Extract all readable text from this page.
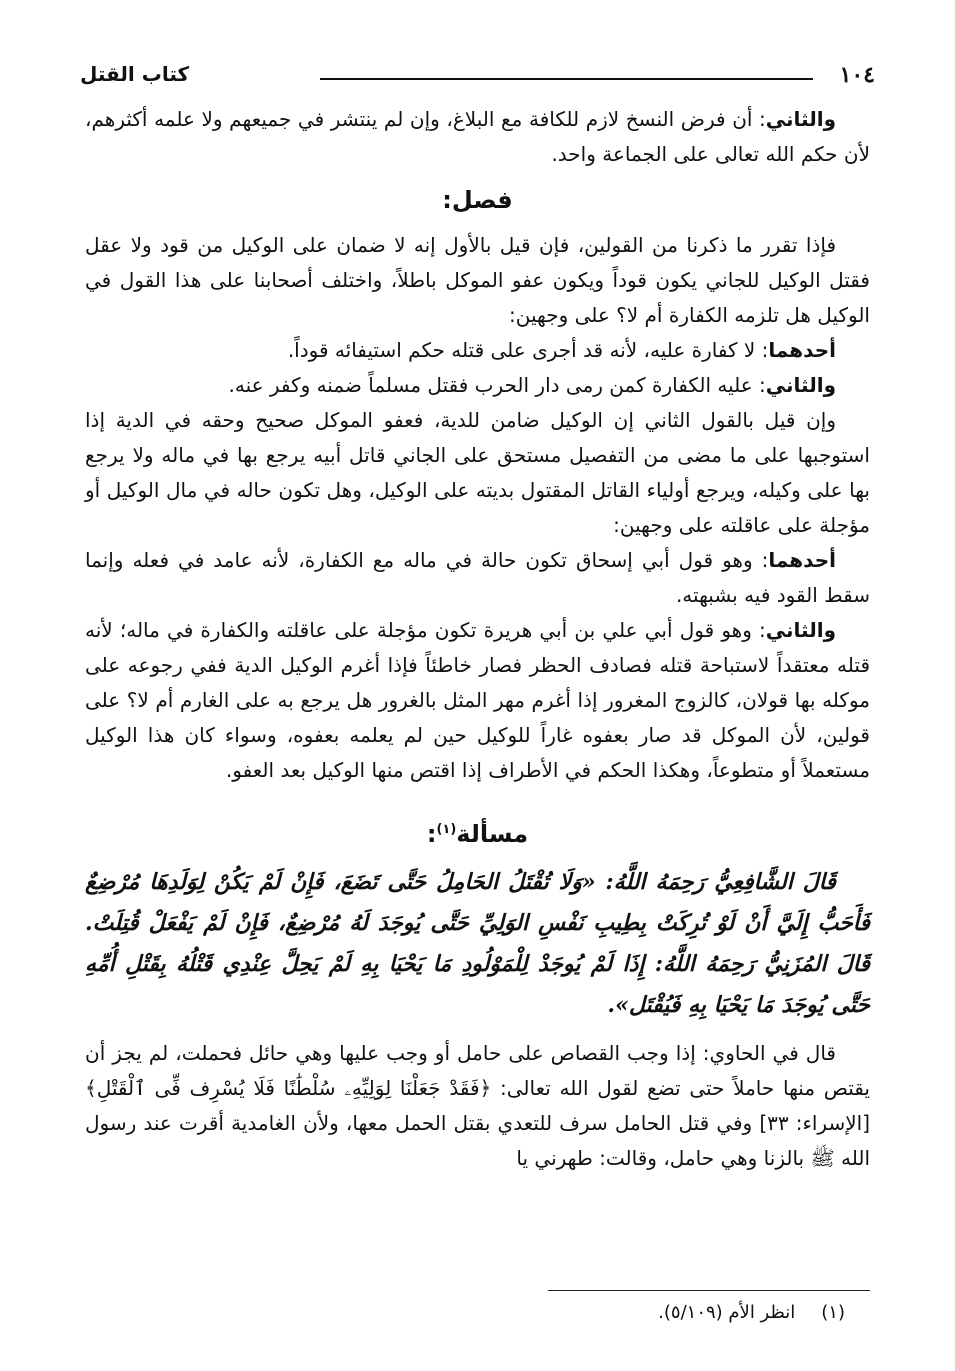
١٠٤
كتاب القتل

والثاني: أن فرض النسخ لازم للكافة مع البلاغ، وإن لم ينتشر في جميعهم ولا علمه أكثرهم، لأن حكم الله تعالى على الجماعة واحد.

فصل:

فإذا تقرر ما ذكرنا من القولين، فإن قيل بالأول إنه لا ضمان على الوكيل من قود ولا عقل فقتل الوكيل للجاني يكون قوداً ويكون عفو الموكل باطلاً، واختلف أصحابنا على هذا القول في الوكيل هل تلزمه الكفارة أم لا؟ على وجهين:

أحدهما: لا كفارة عليه، لأنه قد أجرى على قتله حكم استيفائه قوداً.

والثاني: عليه الكفارة كمن رمى دار الحرب فقتل مسلماً ضمنه وكفر عنه.

وإن قيل بالقول الثاني إن الوكيل ضامن للدية، فعفو الموكل صحيح وحقه في الدية إذا استوجبها على ما مضى من التفصيل مستحق على الجاني قاتل أبيه يرجع بها في ماله ولا يرجع بها على وكيله، ويرجع أولياء القاتل المقتول بديته على الوكيل، وهل تكون حاله في مال الوكيل أو مؤجلة على عاقلته على وجهين:

أحدهما: وهو قول أبي إسحاق تكون حالة في ماله مع الكفارة، لأنه عامد في فعله وإنما سقط القود فيه بشبهته.

والثاني: وهو قول أبي علي بن أبي هريرة تكون مؤجلة على عاقلته والكفارة في ماله؛ لأنه قتله معتقداً لاستباحة قتله فصادف الحظر فصار خاطئاً فإذا أغرم الوكيل الدية ففي رجوعه على موكله بها قولان، كالزوج المغرور إذا أغرم مهر المثل بالغرور هل يرجع به على الغارم أم لا؟ على قولين، لأن الموكل قد صار بعفوه غاراً للوكيل حين لم يعلمه بعفوه، وسواء كان هذا الوكيل مستعملاً أو متطوعاً، وهكذا الحكم في الأطراف إذا اقتص منها الوكيل بعد العفو.

مسألة$^{(١)}$:

قَالَ الشَّافِعِيُّ رَحِمَهُ اللَّهُ: «وَلَا تُقْتَلُ الحَامِلُ حَتَّى تَضَعَ، فَإِنْ لَمْ يَكُنْ لِوَلَدِهَا مُرْضِعٌ فَأَحَبُّ إِلَيَّ أَنْ لَوْ تُرِكَتْ بِطِيبِ نَفْسِ الوَلِيِّ حَتَّى يُوجَدَ لَهُ مُرْضِعٌ، فَإِنْ لَمْ يَفْعَلْ قُتِلَتْ. قَالَ المُزَنِيُّ رَحِمَهُ اللَّهُ: إِذَا لَمْ يُوجَدْ لِلْمَوْلُودِ مَا يَحْيَا بِهِ لَمْ يَحِلَّ عِنْدِي قَتْلُهُ بِقَتْلِ أُمِّهِ حَتَّى يُوجَدَ مَا يَحْيَا بِهِ فَيُقْتَل».

قال في الحاوي: إذا وجب القصاص على حامل أو وجب عليها وهي حائل فحملت، لم يجز أن يقتص منها حاملاً حتى تضع لقول الله تعالى: ﴿فَقَدْ جَعَلْنَا لِوَلِيِّهِۦ سُلْطَٰنًا فَلَا يُسْرِف فِّى ٱلْقَتْلِ﴾ [الإسراء: ٣٣] وفي قتل الحامل سرف للتعدي بقتل الحمل معها، ولأن الغامدية أقرت عند رسول الله ﷺ بالزنا وهي حامل، وقالت: طهرني يا

(١)انظر الأم (٥/١٠٩).
